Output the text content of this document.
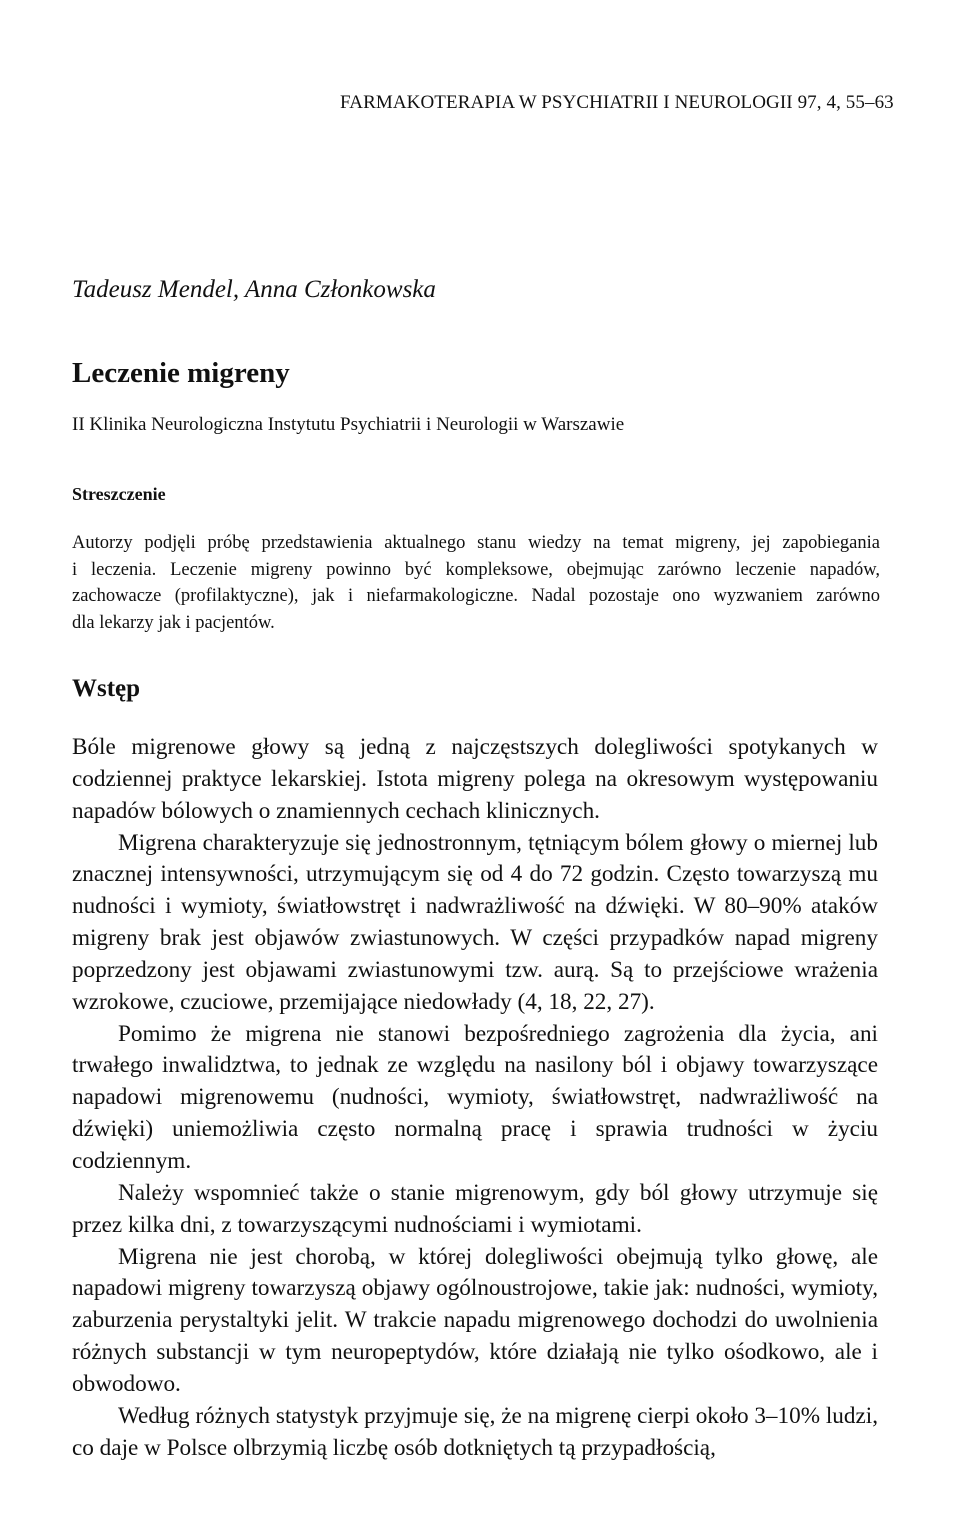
FARMAKOTERAPIA W PSYCHIATRII I NEUROLOGII 97, 4, 55–63
Tadeusz Mendel, Anna Członkowska
Leczenie migreny
II Klinika Neurologiczna Instytutu Psychiatrii i Neurologii w Warszawie
Streszczenie
Autorzy podjęli próbę przedstawienia aktualnego stanu wiedzy na temat migreny, jej zapobiegania
i leczenia. Leczenie migreny powinno być kompleksowe, obejmując zarówno leczenie napadów,
zachowacze (profilaktyczne), jak i niefarmakologiczne. Nadal pozostaje ono wyzwaniem zarówno
dla lekarzy jak i pacjentów.
Wstęp

Bóle migrenowe głowy są jedną z najczęstszych dolegliwości spotykanych w codziennej praktyce lekarskiej. Istota migreny polega na okresowym występowaniu napadów bólowych o znamiennych cechach klinicznych.

Migrena charakteryzuje się jednostronnym, tętniącym bólem głowy o miernej lub znacznej intensywności, utrzymującym się od 4 do 72 godzin. Często towarzyszą mu nudności i wymioty, światłowstręt i nadwrażliwość na dźwięki. W 80–90% ataków migreny brak jest objawów zwiastunowych. W części przypadków napad migreny poprzedzony jest objawami zwiastunowymi tzw. aurą. Są to przejściowe wrażenia wzrokowe, czuciowe, przemijające niedowłady (4, 18, 22, 27).

Pomimo że migrena nie stanowi bezpośredniego zagrożenia dla życia, ani trwałego inwalidztwa, to jednak ze względu na nasilony ból i objawy towarzyszące napadowi migrenowemu (nudności, wymioty, światłowstręt, nadwrażliwość na dźwięki) uniemożliwia często normalną pracę i sprawia trudności w życiu codziennym.

Należy wspomnieć także o stanie migrenowym, gdy ból głowy utrzymuje się przez kilka dni, z towarzyszącymi nudnościami i wymiotami.

Migrena nie jest chorobą, w której dolegliwości obejmują tylko głowę, ale napadowi migreny towarzyszą objawy ogólnoustrojowe, takie jak: nudności, wymioty, zaburzenia perystaltyki jelit. W trakcie napadu migrenowego dochodzi do uwolnienia różnych substancji w tym neuropeptydów, które działają nie tylko ośodkowo, ale i obwodowo.

Według różnych statystyk przyjmuje się, że na migrenę cierpi około 3–10% ludzi, co daje w Polsce olbrzymią liczbę osób dotkniętych tą przypadłością,
